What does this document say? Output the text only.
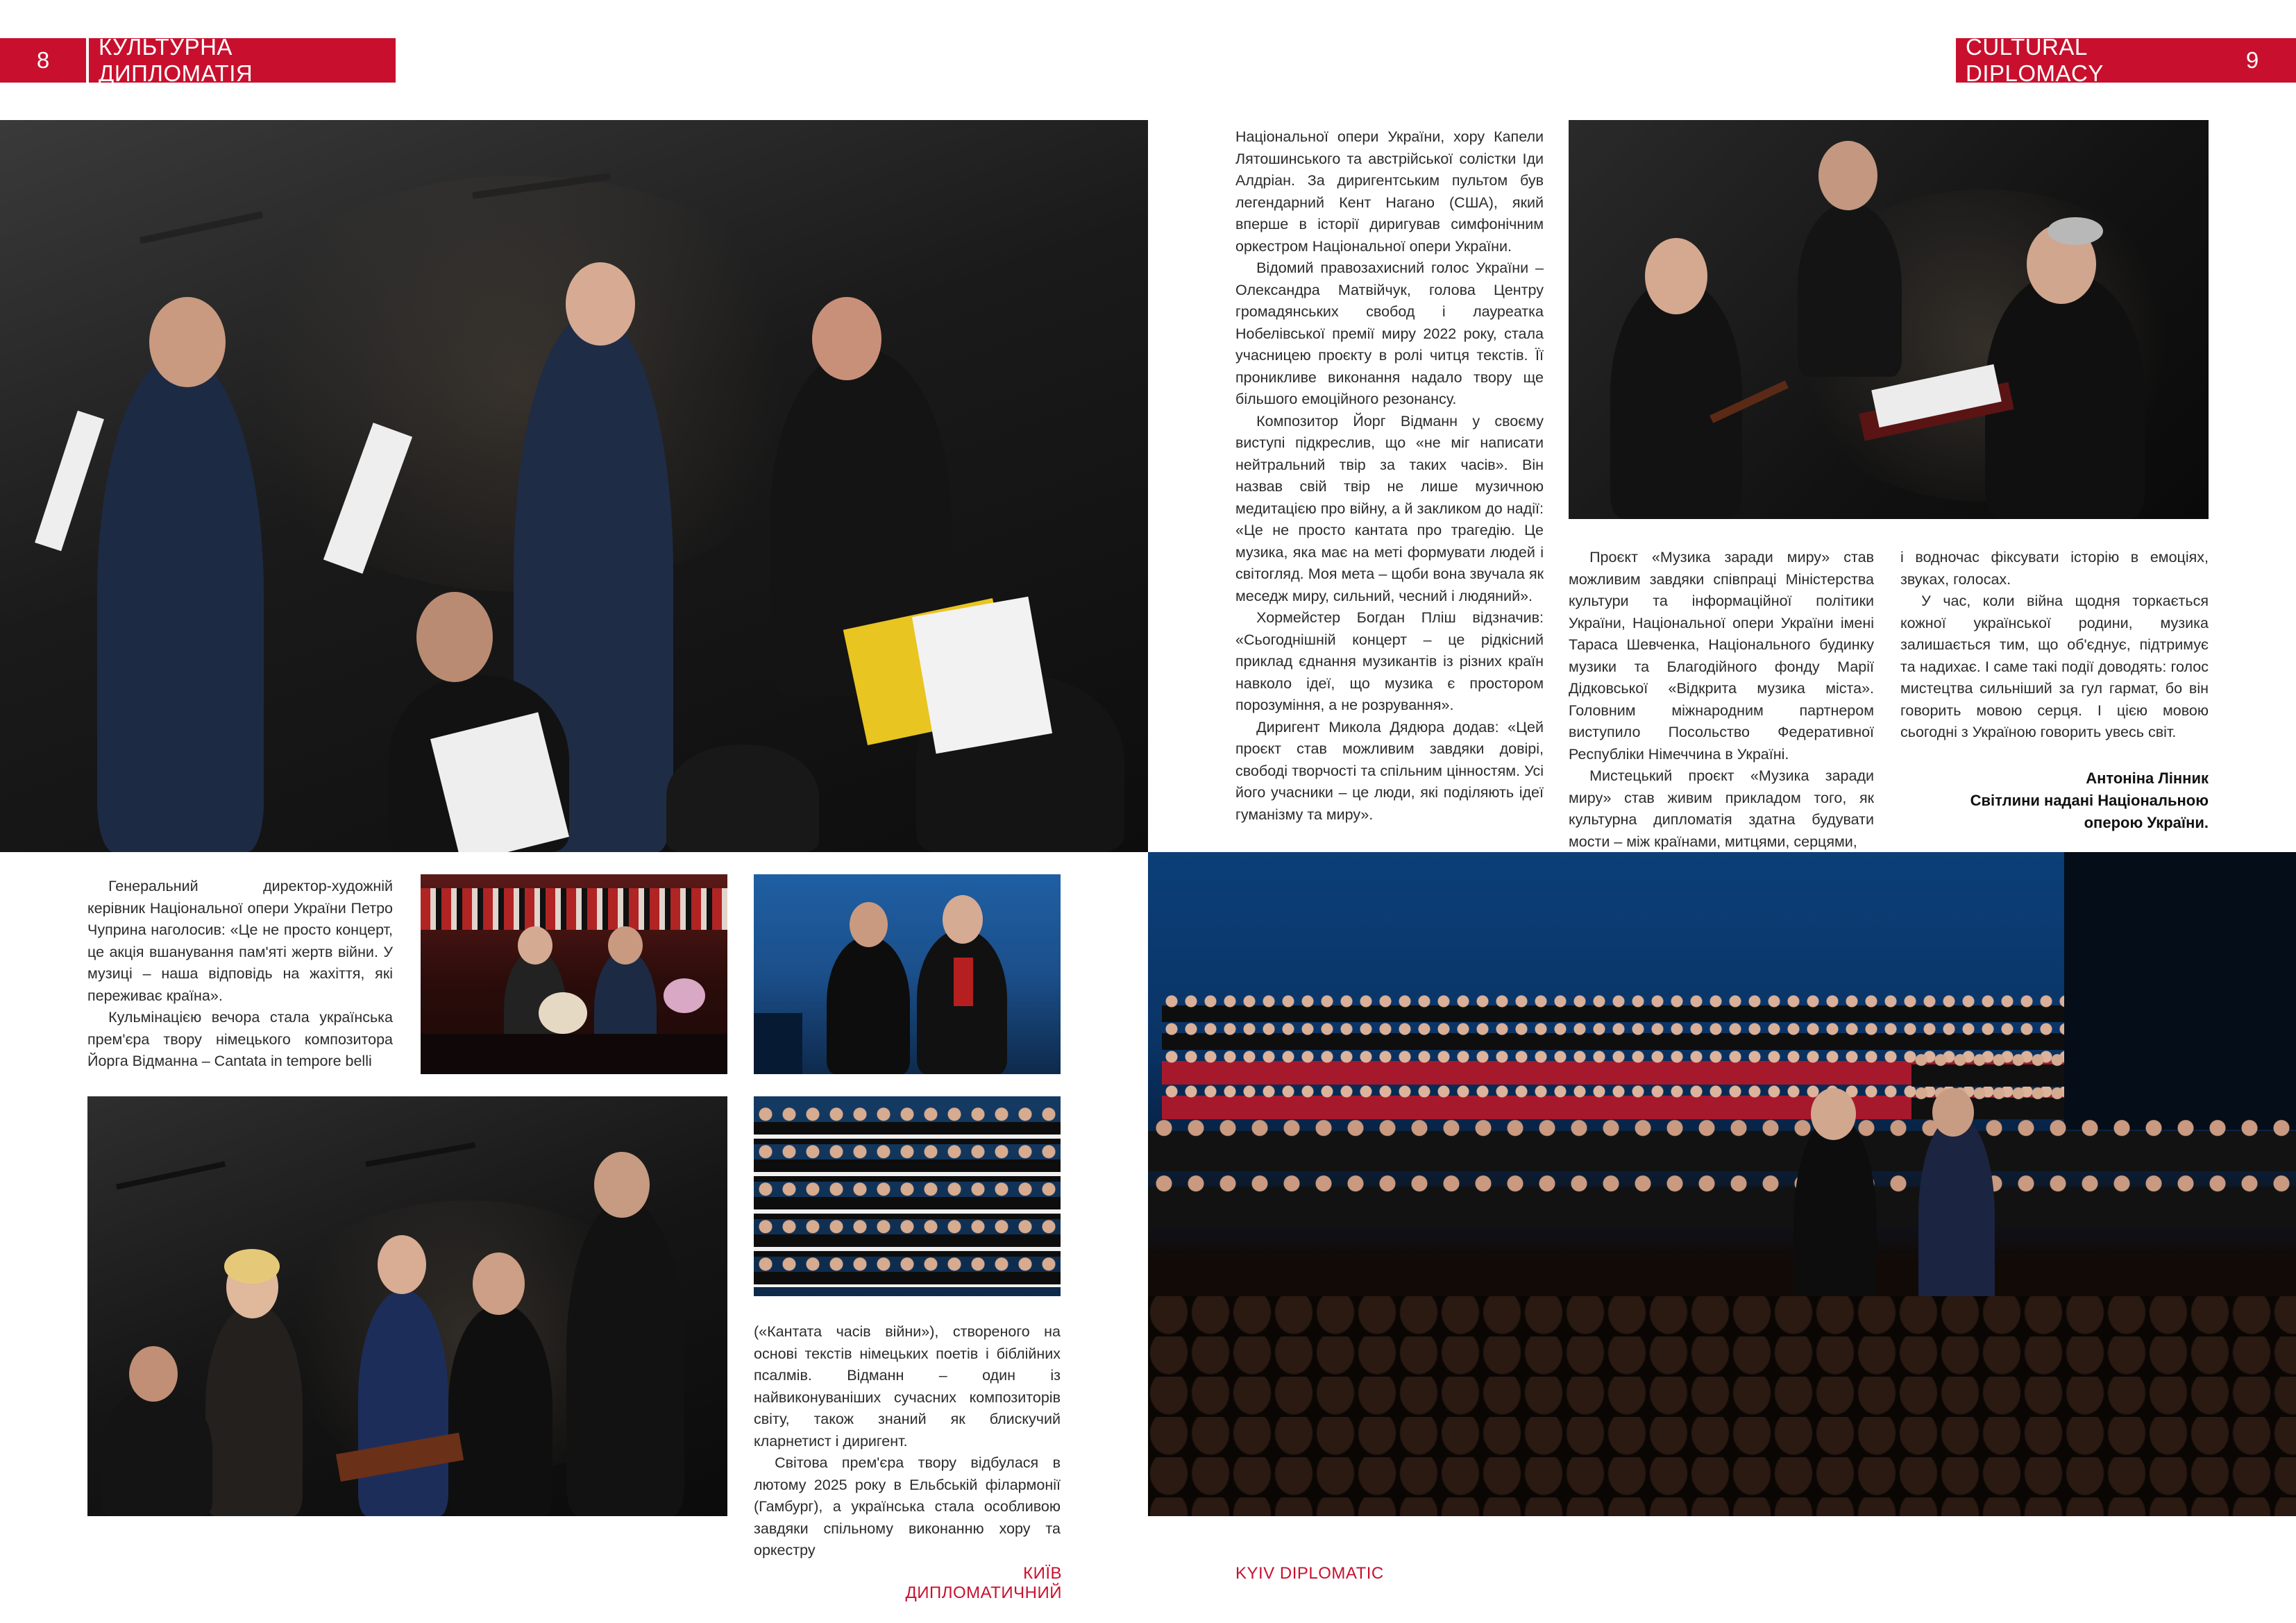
8
КУЛЬТУРНА ДИПЛОМАТІЯ
CULTURAL DIPLOMACY
9

Генеральний директор-художній керівник Національної опери України Петро Чуприна наголосив: «Це не просто концерт, це акція вшанування пам'яті жертв війни. У музиці – наша відповідь на жахіття, які переживає країна».

Кульмінацією вечора стала українська прем'єра твору німецького композитора Йорга Відманна – Cantata in tempore belli

(«Кантата часів війни»), створеного на основі текстів німецьких поетів і біблійних псалмів. Відманн – один із найвиконуваніших сучасних композиторів світу, також знаний як блискучий кларнетист і диригент.

Світова прем'єра твору відбулася в лютому 2025 року в Ельбській філармонії (Гамбург), а українська стала особливою завдяки спільному виконанню хору та оркестру

Національної опери України, хору Капели Лятошинського та австрійської солістки Іди Алдріан. За диригентським пультом був легендарний Кент Нагано (США), який вперше в історії диригував симфонічним оркестром Національної опери України.

Відомий правозахисний голос України – Олександра Матвійчук, голова Центру громадянських свобод і лауреатка Нобелівської премії миру 2022 року, стала учасницею проєкту в ролі читця текстів. Її проникливе виконання надало твору ще більшого емоційного резонансу.

Композитор Йорг Відманн у своєму виступі підкреслив, що «не міг написати нейтральний твір за таких часів». Він назвав свій твір не лише музичною медитацією про війну, а й закликом до надії: «Це не просто кантата про трагедію. Це музика, яка має на меті формувати людей і світогляд. Моя мета – щоби вона звучала як меседж миру, сильний, чесний і людяний».

Хормейстер Богдан Пліш відзначив: «Сьогоднішній концерт – це рідкісний приклад єднання музикантів із різних країн навколо ідеї, що музика є простором порозуміння, а не розрування».

Диригент Микола Дядюра додав: «Цей проєкт став можливим завдяки довірі, свободі творчості та спільним цінностям. Усі його учасники – це люди, які поділяють ідеї гуманізму та миру».

Проєкт «Музика заради миру» став можливим завдяки співпраці Міністерства культури та інформаційної політики України, Національної опери України імені Тараса Шевченка, Національного будинку музики та Благодійного фонду Марії Дідковської «Відкрита музика міста». Головним міжнародним партнером виступило Посольство Федеративної Республіки Німеччина в Україні.

Мистецький проєкт «Музика заради миру» став живим прикладом того, як культурна дипломатія здатна будувати мости – між країнами, митцями, серцями,

і водночас фіксувати історію в емоціях, звуках, голосах.

У час, коли війна щодня торкається кожної української родини, музика залишається тим, що об'єднує, підтримує та надихає. І саме такі події доводять: голос мистецтва сильніший за гул гармат, бо він говорить мовою серця. І цією мовою сьогодні з Україною говорить увесь світ.

Антоніна Лінник
Світлини надані Національною
оперою України.
КИЇВ ДИПЛОМАТИЧНИЙ
KYIV DIPLOMATIC
